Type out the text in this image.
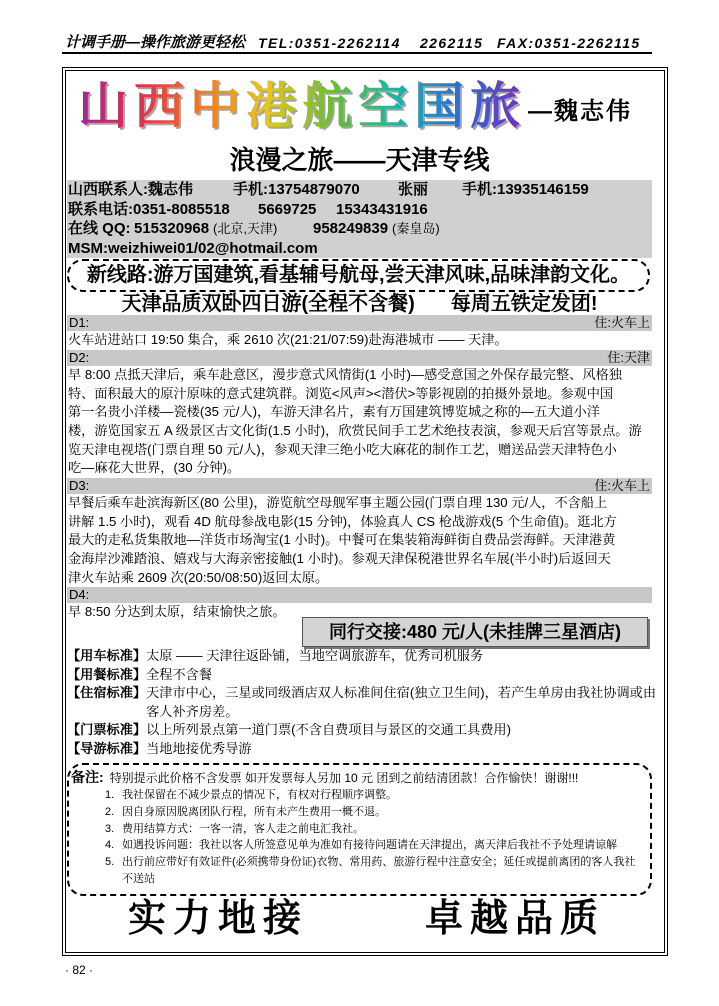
计调手册—操作旅游更轻松 TEL:0351-2262114 2262115 FAX:0351-2262115
山西中港航空国旅 —魏志伟
浪漫之旅——天津专线
山西联系人:魏志伟	手机:13754879070	张丽 手机:13935146159
联系电话:0351-8085518 5669725 15343431916
在线 QQ: 515320968 (北京,天津) 958249839 (秦皇岛)
MSM:weizhiwei01/02@hotmail.com
新线路:游万国建筑,看基辅号航母,尝天津风味,品味津韵文化。
天津品质双卧四日游(全程不含餐) 每周五铁定发团!
D1:	住:火车上
火车站进站口 19:50 集合，乘 2610 次(21:21/07:59)赴海港城市 —— 天津。
D2:	住:天津
早 8:00 点抵天津后，乘车赴意区，漫步意式风情街(1 小时)—感受意国之外保存最完整、风格独
特、面积最大的原汁原味的意式建筑群。浏览<风声><潜伏>等影视剧的拍摄外景地。参观中国
第一名贵小洋楼—瓷楼(35 元/人)，车游天津名片，素有万国建筑博览城之称的—五大道小洋
楼，游览国家五 A 级景区古文化街(1.5 小时)，欣赏民间手工艺术绝技表演，参观天后宫等景点。游
览天津电视塔(门票自理 50 元/人)，参观天津三绝小吃大麻花的制作工艺，赠送品尝天津特色小
吃—麻花大世界，(30 分钟)。
D3:	住:火车上
早餐后乘车赴滨海新区(80 公里)，游览航空母舰军事主题公园(门票自理 130 元/人，不含船上
讲解 1.5 小时)，观看 4D 航母参战电影(15 分钟)，体验真人 CS 枪战游戏(5 个生命值)。逛北方
最大的走私货集散地—洋货市场淘宝(1 小时)。中餐可在集装箱海鲜街自费品尝海鲜。天津港黄
金海岸沙滩踏浪、嬉戏与大海亲密接触(1 小时)。参观天津保税港世界名车展(半小时)后返回天
津火车站乘 2609 次(20:50/08:50)返回太原。
D4:
早 8:50 分达到太原，结束愉快之旅。
同行交接:480 元/人(未挂牌三星酒店)
【用车标准】 太原 —— 天津往返卧铺，当地空调旅游车，优秀司机服务
【用餐标准】 全程不含餐
【住宿标准】 天津市中心，三星或同级酒店双人标准间住宿(独立卫生间)，若产生单房由我社协调或由客人补齐房差。
【门票标准】 以上所列景点第一道门票(不含自费项目与景区的交通工具费用)
【导游标准】 当地地接优秀导游
备注: 特别提示此价格不含发票 如开发票每人另加 10 元 团到之前结清团款！合作愉快！谢谢!!!
1. 我社保留在不减少景点的情况下，有权对行程顺序调整。
2. 因自身原因脱离团队行程，所有未产生费用一概不退。
3. 费用结算方式：一客一清，客人走之前电汇我社。
4. 如遇投诉问题：我社以客人所签意见单为准如有接待问题请在天津提出，离天津后我社不予处理请谅解
5. 出行前应带好有效证件(必须携带身份证)衣物、常用药、旅游行程中注意安全；延任或提前离团的客人我社不送站
实力地接	卓越品质
· 82 ·
